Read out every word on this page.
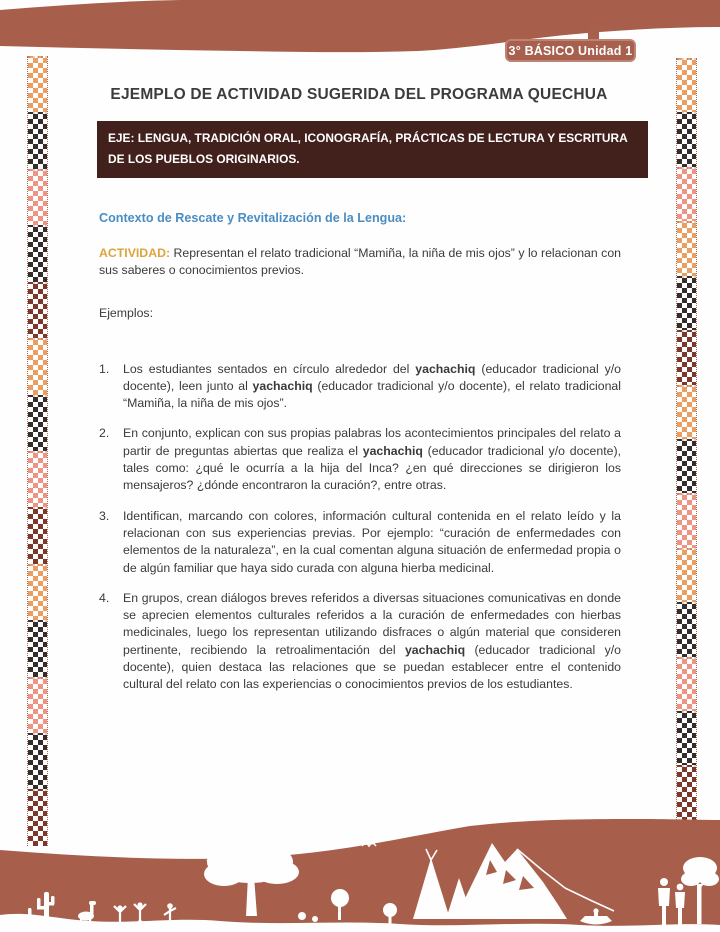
3° BÁSICO Unidad 1
EJEMPLO DE ACTIVIDAD SUGERIDA DEL PROGRAMA QUECHUA
EJE: LENGUA, TRADICIÓN ORAL, ICONOGRAFÍA, PRÁCTICAS DE LECTURA Y ESCRITURA DE LOS PUEBLOS ORIGINARIOS.
Contexto de Rescate y Revitalización de la Lengua:

ACTIVIDAD: Representan el relato tradicional “Mamiña, la niña de mis ojos” y lo relacionan con sus saberes o conocimientos previos.

Ejemplos:
1.	Los estudiantes sentados en círculo alrededor del yachachiq (educador tradicional y/o docente), leen junto al yachachiq (educador tradicional y/o docente), el relato tradicional “Mamiña, la niña de mis ojos”.

2.	En conjunto, explican con sus propias palabras los acontecimientos principales del relato a partir de preguntas abiertas que realiza el yachachiq (educador tradicional y/o docente), tales como: ¿qué le ocurría a la hija del Inca? ¿en qué direcciones se dirigieron los mensajeros? ¿dónde encontraron la curación?, entre otras.

3.	Identifican, marcando con colores, información cultural contenida en el relato leído y la relacionan con sus experiencias previas. Por ejemplo: “curación de enfermedades con elementos de la naturaleza”, en la cual comentan alguna situación de enfermedad propia o de algún familiar que haya sido curada con alguna hierba medicinal.

4.	En grupos, crean diálogos breves referidos a diversas situaciones comunicativas en donde se aprecien elementos culturales referidos a la curación de enfermedades con hierbas medicinales, luego los representan utilizando disfraces o algún material que consideren pertinente, recibiendo la retroalimentación del yachachiq (educador tradicional y/o docente), quien destaca las relaciones que se puedan establecer entre el contenido cultural del relato con las experiencias o conocimientos previos de los estudiantes.
